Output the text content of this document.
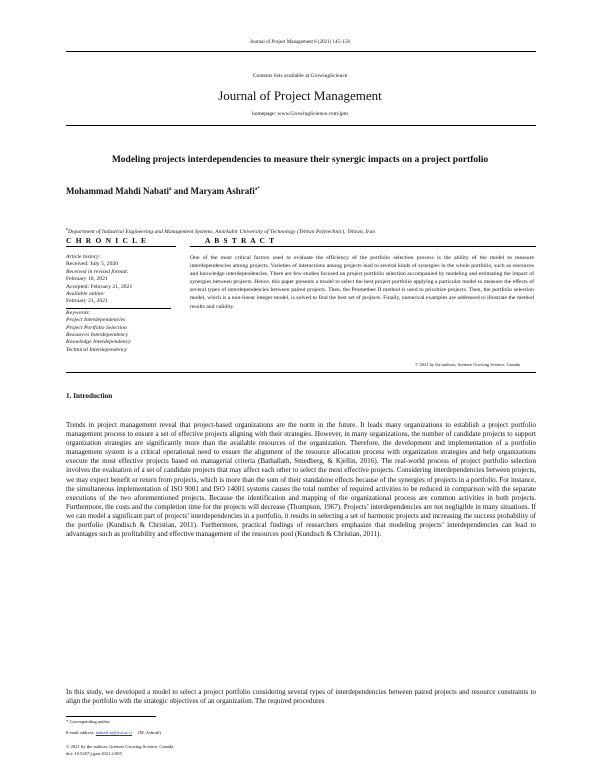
Journal of Project Management 6 (2021) 145–156
Contents lists available at GrowingScience
Journal of Project Management
homepage: www.GrowingScience.com/jpm
Modeling projects interdependencies to measure their synergic impacts on a project portfolio
Mohammad Mahdi Nabati$^a$ and Maryam Ashrafi$^{a*}$
$^a$Department of Industrial Engineering and Management Systems, Amirkabir University of Technology (Tehran Polytechnic), Tehran, Iran
C H R O N I C L E	A B S T R A C T
Article history:
Received: July 5, 2020
Received in revised format:
February 18, 2021
Accepted: February 21, 2021
Available online:
February 21, 2021
Keywords:
Project Interdependencies
Project Portfolio Selection
Resources Interdependency
Knowledge Interdependency
Technical Interdependency
One of the most critical factors used to evaluate the efficiency of the portfolio selection process is the ability of the model to measure interdependencies among projects. Varieties of interactions among projects lead to several kinds of synergies in the whole portfolio, such as resources and knowledge interdependencies. There are few studies focused on project portfolio selection accompanied by modeling and estimating the impact of synergies between projects. Hence, this paper presents a model to select the best project portfolio applying a particular model to measure the effects of several types of interdependencies between paired projects. Then, the Promethee II method is used to prioritize projects. Then, the portfolio selection model, which is a non-linear integer model, is solved to find the best set of projects. Finally, numerical examples are addressed to illustrate the method results and validity.
© 2021 by the authors; licensee Growing Science, Canada
1. Introduction
Trends in project management reveal that project-based organizations are the norm in the future. It leads many organizations to establish a project portfolio management process to ensure a set of effective projects aligning with their strategies. However, in many organizations, the number of candidate projects to support organization strategies are significantly more than the available resources of the organization. Therefore, the development and implementation of a portfolio management system is a critical operational need to ensure the alignment of the resource allocation process with organization strategies and help organizations execute the most effective projects based on managerial criteria (Bathallath, Smedberg, & Kjellin, 2016). The real-world process of project portfolio selection involves the evaluation of a set of candidate projects that may affect each other to select the most effective projects. Considering interdependencies between projects, we may expect benefit or return from projects, which is more than the sum of their standalone effects because of the synergies of projects in a portfolio. For instance, the simultaneous implementation of ISO 9001 and ISO 14001 systems causes the total number of required activities to be reduced in comparison with the separate executions of the two aforementioned projects. Because the identification and mapping of the organizational process are common activities in both projects. Furthermore, the costs and the completion time for the projects will decrease (Thompson, 1967). Projects’ interdependencies are not negligible in many situations. If we can model a significant part of projects’ interdependencies in a portfolio, it results in selecting a set of harmonic projects and increasing the success probability of the portfolio (Kundisch & Christian, 2011). Furthermore, practical findings of researchers emphasize that modeling projects’ interdependencies can lead to advantages such as profitability and effective management of the resources pool (Kundisch & Christian, 2011).
In this study, we developed a model to select a project portfolio considering several types of interdependencies between paired projects and resource constraints to align the portfolio with the strategic objectives of an organization. The required procedures
* Corresponding author.
E-mail address: ashrafi.m@aut.ac.ir (M. Ashrafi)
© 2021 by the authors; licensee Growing Science, Canada
doi: 10.5267/j.jpm.2021.2.005
